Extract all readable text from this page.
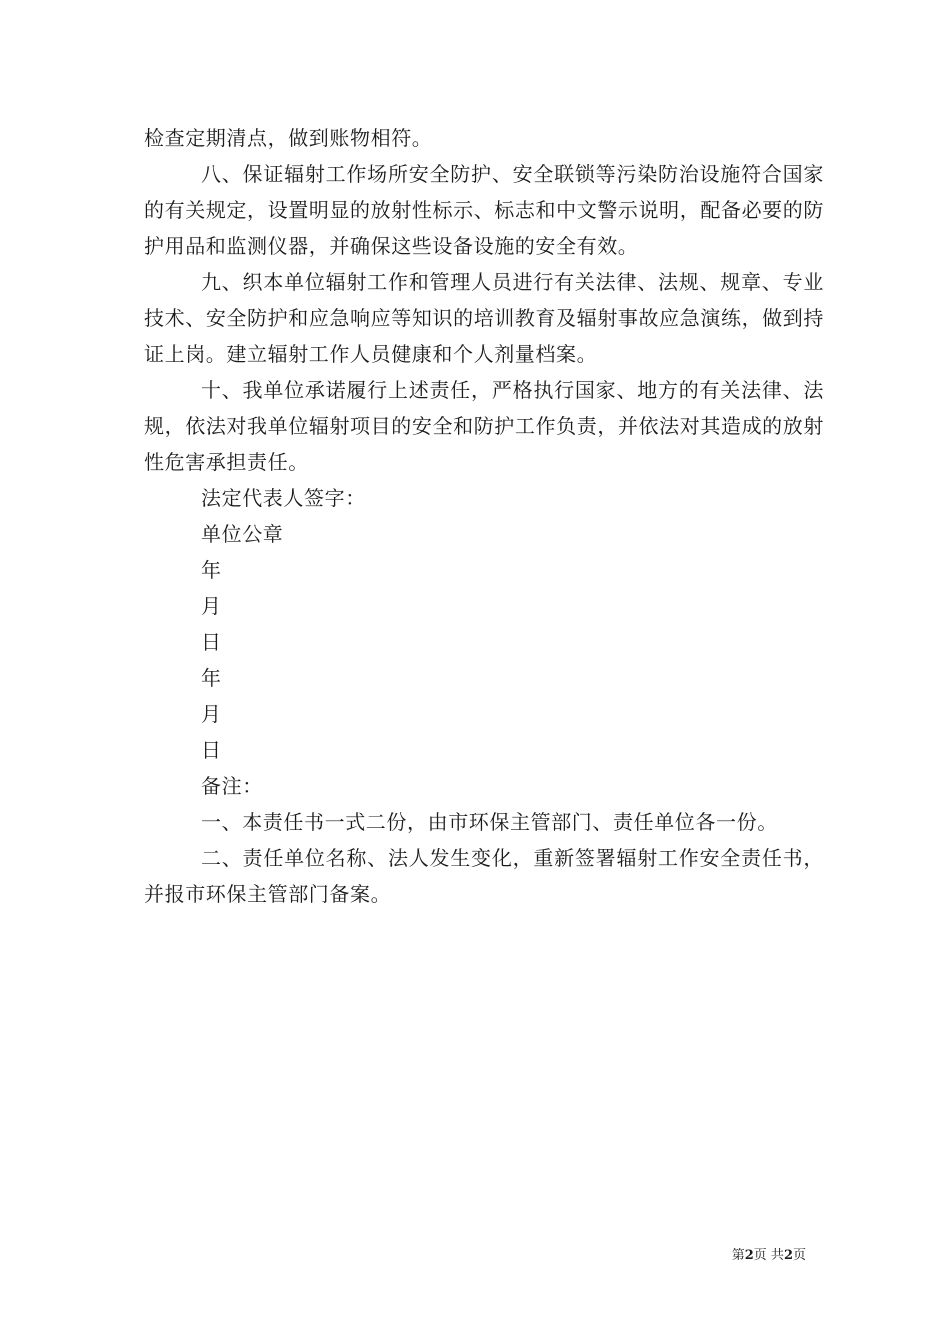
检查定期清点，做到账物相符。

八、保证辐射工作场所安全防护、安全联锁等污染防治设施符合国家的有关规定，设置明显的放射性标示、标志和中文警示说明，配备必要的防护用品和监测仪器，并确保这些设备设施的安全有效。

九、织本单位辐射工作和管理人员进行有关法律、法规、规章、专业技术、安全防护和应急响应等知识的培训教育及辐射事故应急演练，做到持证上岗。建立辐射工作人员健康和个人剂量档案。

十、我单位承诺履行上述责任，严格执行国家、地方的有关法律、法规，依法对我单位辐射项目的安全和防护工作负责，并依法对其造成的放射性危害承担责任。

法定代表人签字：

单位公章

年

月

日

年

月

日

备注：

一、本责任书一式二份，由市环保主管部门、责任单位各一份。

二、责任单位名称、法人发生变化，重新签署辐射工作安全责任书，并报市环保主管部门备案。

第2页 共2页
